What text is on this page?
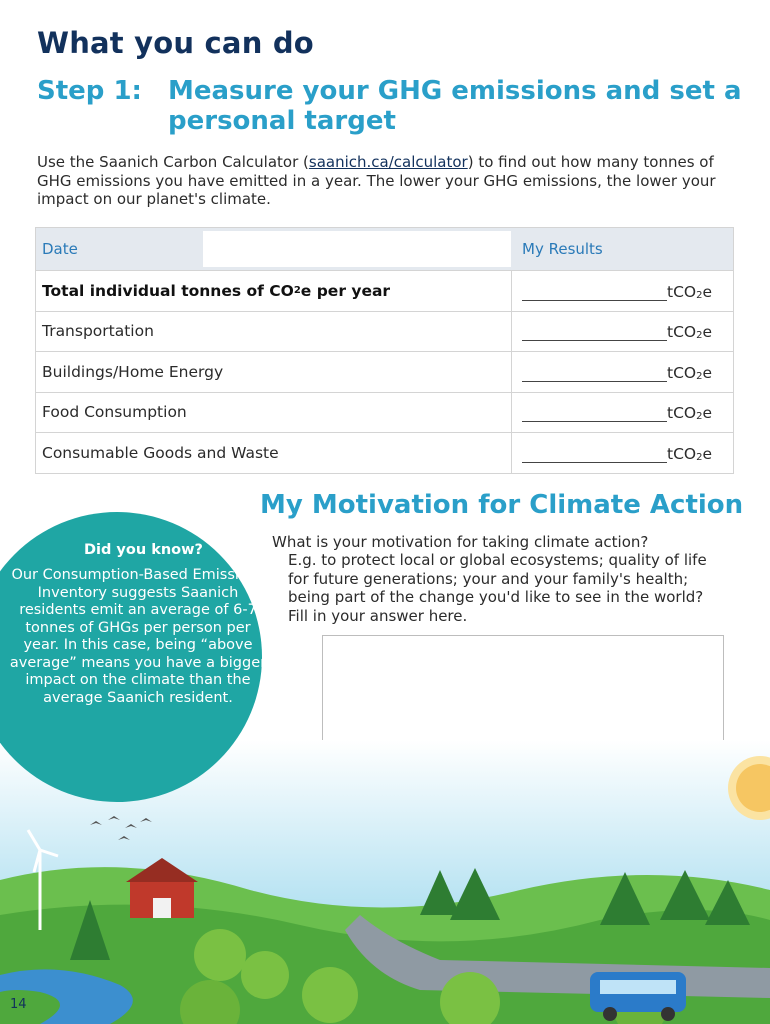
What you can do
Step 1: Measure your GHG emissions and set a personal target

Use the Saanich Carbon Calculator (saanich.ca/calculator) to find out how many tonnes of GHG emissions you have emitted in a year. The lower your GHG emissions, the lower your impact on our planet's climate.

Date	My Results
Total individual tonnes of CO 2 e per year	tCO$_2$ e
Transportation	tCO$_2$ e
Buildings/Home Energy	tCO$_2$ e
Food Consumption	tCO$_2$ e
Consumable Goods and Waste	tCO$_2$ e
My Motivation for Climate Action
What is your motivation for taking climate action?
E.g. to protect local or global ecosystems; quality of life for future generations; your and your family's health; being part of the change you'd like to see in the world? Fill in your answer here.
Did you know?
Our Consumption-Based Emissions Inventory suggests Saanich residents emit an average of 6-7 tonnes of GHGs per person per year. In this case, being “above average” means you have a bigger impact on the climate than the average Saanich resident.
14
